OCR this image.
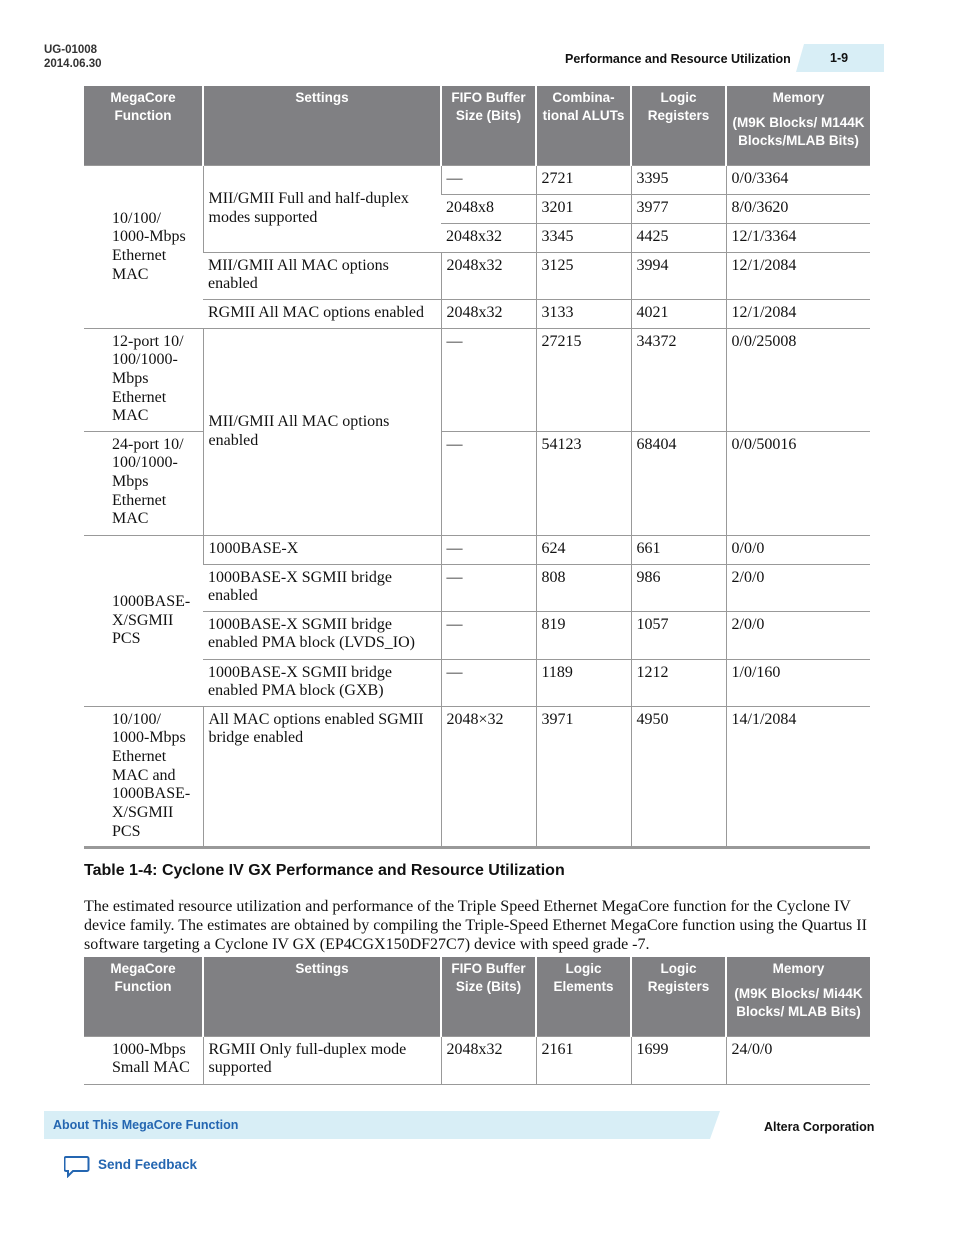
UG-01008
2014.06.30	Performance and Resource Utilization	1-9
MegaCore Function	Settings	FIFO Buffer Size (Bits)	Combina-tional ALUTs	Logic Registers	Memory
(M9K Blocks/ M144K Blocks/MLAB Bits)

10/100/ 1000-Mbps Ethernet MAC	MII/GMII Full and half-duplex modes supported	—	2721	3395	0/0/3364
		2048x8	3201	3977	8/0/3620
		2048x32	3345	4425	12/1/3364
	MII/GMII All MAC options enabled	2048x32	3125	3994	12/1/2084
	RGMII All MAC options enabled	2048x32	3133	4021	12/1/2084
12-port 10/ 100/1000- Mbps Ethernet MAC	MII/GMII All MAC options enabled	—	27215	34372	0/0/25008
24-port 10/ 100/1000- Mbps Ethernet MAC		—	54123	68404	0/0/50016
1000BASE- X/SGMII PCS	1000BASE-X	—	624	661	0/0/0
	1000BASE-X SGMII bridge enabled	—	808	986	2/0/0
	1000BASE-X SGMII bridge enabled PMA block (LVDS_IO)	—	819	1057	2/0/0
	1000BASE-X SGMII bridge enabled PMA block (GXB)	—	1189	1212	1/0/160
10/100/ 1000-Mbps Ethernet MAC and 1000BASE- X/SGMII PCS	All MAC options enabled SGMII bridge enabled	2048×32	3971	4950	14/1/2084
Table 1-4: Cyclone IV GX Performance and Resource Utilization
The estimated resource utilization and performance of the Triple Speed Ethernet MegaCore function for the Cyclone IV device family. The estimates are obtained by compiling the Triple-Speed Ethernet MegaCore function using the Quartus II software targeting a Cyclone IV GX (EP4CGX150DF27C7) device with speed grade -7.
MegaCore Function	Settings	FIFO Buffer Size (Bits)	Logic Elements	Logic Registers	Memory
(M9K Blocks/ Mi44K Blocks/ MLAB Bits)

1000-Mbps Small MAC	RGMII Only full-duplex mode supported	2048x32	2161	1699	24/0/0
About This MegaCore Function	Altera Corporation
Send Feedback
